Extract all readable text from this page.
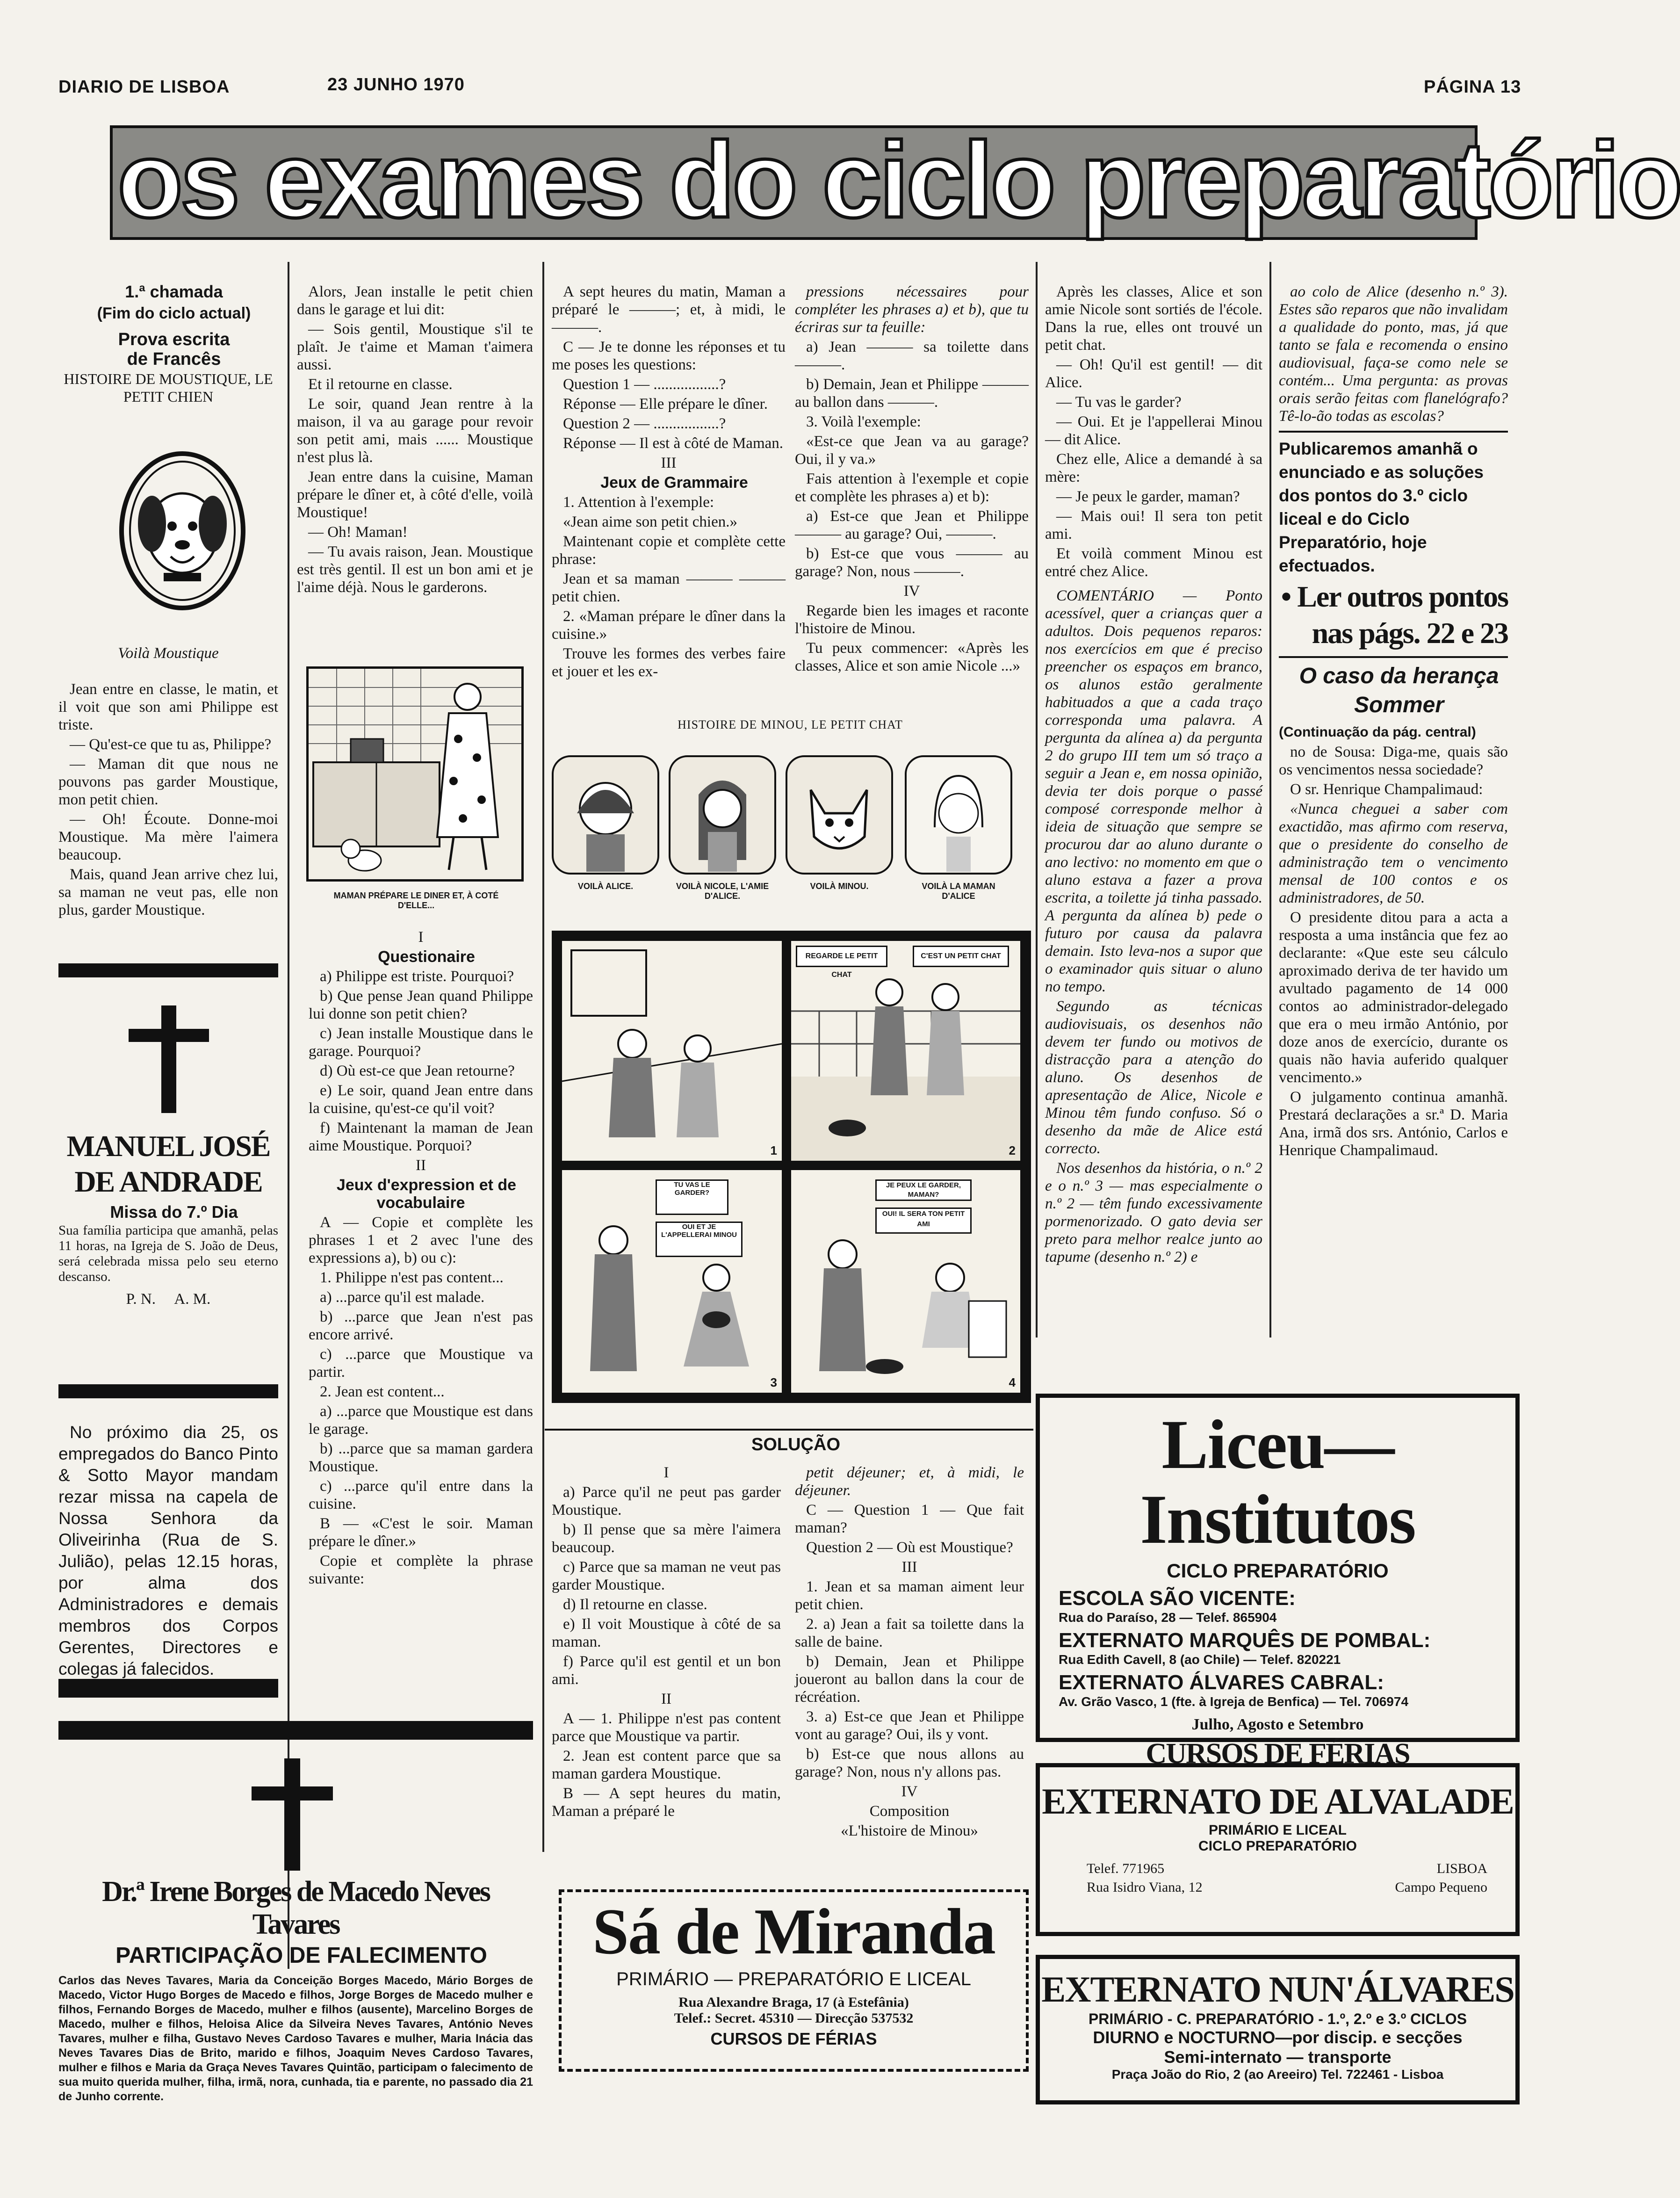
DIARIO DE LISBOA	23 JUNHO 1970	PÁGINA 13
os exames do ciclo preparatório

1.ª chamada

(Fim do ciclo actual)

Prova escrita

de Francês

HISTOIRE DE MOUSTIQUE, LE PETIT CHIEN

Voilà Moustique

Jean entre en classe, le matin, et il voit que son ami Philippe est triste.

— Qu'est-ce que tu as, Philippe?

— Maman dit que nous ne pouvons pas garder Moustique, mon petit chien.

— Oh! Écoute. Donne-moi Moustique. Ma mère l'aimera beaucoup.

Mais, quand Jean arrive chez lui, sa maman ne veut pas, elle non plus, garder Moustique.

MANUEL JOSÉ

DE ANDRADE

Missa do 7.º Dia

Sua família participa que amanhã, pelas 11 horas, na Igreja de S. João de Deus, será celebrada missa pelo seu eterno descanso.

P. N.     A. M.

No próximo dia 25, os empregados do Banco Pinto & Sotto Mayor mandam rezar missa na capela de Nossa Senhora da Oliveirinha (Rua de S. Julião), pelas 12.15 horas, por alma dos Administradores e demais membros dos Corpos Gerentes, Directores e colegas já falecidos.

Dr.ª Irene Borges de Macedo Neves Tavares

PARTICIPAÇÃO DE FALECIMENTO

Carlos das Neves Tavares, Maria da Conceição Borges Macedo, Mário Borges de Macedo, Victor Hugo Borges de Macedo e filhos, Jorge Borges de Macedo mulher e filhos, Fernando Borges de Macedo, mulher e filhos (ausente), Marcelino Borges de Macedo, mulher e filhos, Heloisa Alice da Silveira Neves Tavares, António Neves Tavares, mulher e filha, Gustavo Neves Cardoso Tavares e mulher, Maria Inácia das Neves Tavares Dias de Brito, marido e filhos, Joaquim Neves Cardoso Tavares, mulher e filhos e Maria da Graça Neves Tavares Quintão, participam o falecimento de sua muito querida mulher, filha, irmã, nora, cunhada, tia e parente, no passado dia 21 de Junho corrente.

Alors, Jean installe le petit chien dans le garage et lui dit:

— Sois gentil, Moustique s'il te plaît. Je t'aime et Maman t'aimera aussi.

Et il retourne en classe.

Le soir, quand Jean rentre à la maison, il va au garage pour revoir son petit ami, mais ...... Moustique n'est plus là.

Jean entre dans la cuisine, Maman prépare le dîner et, à côté d'elle, voilà Moustique!

— Oh! Maman!

— Tu avais raison, Jean. Moustique est très gentil. Il est un bon ami et je l'aime déjà. Nous le garderons.

MAMAN PRÉPARE LE DINER ET, À COTÉ D'ELLE...

I

Questionaire

a) Philippe est triste. Pourquoi?

b) Que pense Jean quand Philippe lui donne son petit chien?

c) Jean installe Moustique dans le garage. Pourquoi?

d) Où est-ce que Jean retourne?

e) Le soir, quand Jean entre dans la cuisine, qu'est-ce qu'il voit?

f) Maintenant la maman de Jean aime Moustique. Porquoi?

II

Jeux d'expression et de vocabulaire

A — Copie et complète les phrases 1 et 2 avec l'une des expressions a), b) ou c):

1. Philippe n'est pas content...

a) ...parce qu'il est malade.

b) ...parce que Jean n'est pas encore arrivé.

c) ...parce que Moustique va partir.

2. Jean est content...

a) ...parce que Moustique est dans le garage.

b) ...parce que sa maman gardera Moustique.

c) ...parce qu'il entre dans la cuisine.

B — «C'est le soir. Maman prépare le dîner.»

Copie et complète la phrase suivante:

A sept heures du matin, Maman a préparé le ———; et, à midi, le ———.

C — Je te donne les réponses et tu me poses les questions:

Question 1 — .................?

Réponse — Elle prépare le dîner.

Question 2 — .................?

Réponse — Il est à côté de Maman.

III

Jeux de Grammaire

1. Attention à l'exemple:

«Jean aime son petit chien.»

Maintenant copie et complète cette phrase:

Jean et sa maman ——— ——— petit chien.

2. «Maman prépare le dîner dans la cuisine.»

Trouve les formes des verbes faire et jouer et les ex-

pressions nécessaires pour compléter les phrases a) et b), que tu écriras sur ta feuille:

a) Jean ——— sa toilette dans ———.

b) Demain, Jean et Philippe ——— au ballon dans ———.

3. Voilà l'exemple:

«Est-ce que Jean va au garage? Oui, il y va.»

Fais attention à l'exemple et copie et complète les phrases a) et b):

a) Est-ce que Jean et Philippe ——— au garage? Oui, ———.

b) Est-ce que vous ——— au garage? Non, nous ———.

IV

Regarde bien les images et raconte l'histoire de Minou.

Tu peux commencer: «Après les classes, Alice et son amie Nicole ...»

HISTOIRE DE MINOU, LE PETIT CHAT
VOILÀ ALICE.	VOILÀ NICOLE, L'AMIE D'ALICE.
VOILÀ MINOU.	VOILÀ LA MAMAN D'ALICE
1
REGARDE LE PETIT CHAT
C'EST UN PETIT CHAT
2
TU VAS LE GARDER?
OUI ET JE L'APPELLERAI MINOU
3
JE PEUX LE GARDER, MAMAN?
OUI! IL SERA TON PETIT AMI
4

SOLUÇÃO

I

a) Parce qu'il ne peut pas garder Moustique.

b) Il pense que sa mère l'aimera beaucoup.

c) Parce que sa maman ne veut pas garder Moustique.

d) Il retourne en classe.

e) Il voit Moustique à côté de sa maman.

f) Parce qu'il est gentil et un bon ami.

II

A — 1. Philippe n'est pas content parce que Moustique va partir.

2. Jean est content parce que sa maman gardera Moustique.

B — A sept heures du matin, Maman a préparé le

petit déjeuner; et, à midi, le déjeuner.

C — Question 1 — Que fait maman?

Question 2 — Où est Moustique?

III

1. Jean et sa maman aiment leur petit chien.

2. a) Jean a fait sa toilette dans la salle de baine.

b) Demain, Jean et Philippe joueront au ballon dans la cour de récréation.

3. a) Est-ce que Jean et Philippe vont au garage? Oui, ils y vont.

b) Est-ce que nous allons au garage? Non, nous n'y allons pas.

IV

Composition

«L'histoire de Minou»

Sá de Miranda
PRIMÁRIO — PREPARATÓRIO E LICEAL
Rua Alexandre Braga, 17 (à Estefânia)
Telef.: Secret. 45310 — Direcção 537532
CURSOS DE FÉRIAS

Après les classes, Alice et son amie Nicole sont sortiés de l'école. Dans la rue, elles ont trouvé un petit chat.

— Oh! Qu'il est gentil! — dit Alice.

— Tu vas le garder?

— Oui. Et je l'appellerai Minou — dit Alice.

Chez elle, Alice a demandé à sa mère:

— Je peux le garder, maman?

— Mais oui! Il sera ton petit ami.

Et voilà comment Minou est entré chez Alice.

COMENTÁRIO — Ponto acessível, quer a crianças quer a adultos. Dois pequenos reparos: nos exercícios em que é preciso preencher os espaços em branco, os alunos estão geralmente habituados a que a cada traço corresponda uma palavra. A pergunta da alínea a) da pergunta 2 do grupo III tem um só traço a seguir a Jean e, em nossa opinião, devia ter dois porque o passé composé corresponde melhor à ideia de situação que sempre se procurou dar ao aluno durante o ano lectivo: no momento em que o aluno estava a fazer a prova escrita, a toilette já tinha passado. A pergunta da alínea b) pede o futuro por causa da palavra demain. Isto leva-nos a supor que o examinador quis situar o aluno no tempo.

Segundo as técnicas audiovisuais, os desenhos não devem ter fundo ou motivos de distracção para a atenção do aluno. Os desenhos de apresentação de Alice, Nicole e Minou têm fundo confuso. Só o desenho da mãe de Alice está correcto.

Nos desenhos da história, o n.º 2 e o n.º 3 — mas especialmente o n.º 2 — têm fundo excessivamente pormenorizado. O gato devia ser preto para melhor realce junto ao tapume (desenho n.º 2) e

ao colo de Alice (desenho n.º 3). Estes são reparos que não invalidam a qualidade do ponto, mas, já que tanto se fala e recomenda o ensino audiovisual, faça-se como nele se contém... Uma pergunta: as provas orais serão feitas com flanelógrafo? Tê-lo-ão todas as escolas?

Publicaremos amanhã o enunciado e as soluções dos pontos do 3.º ciclo liceal e do Ciclo Preparatório, hoje efectuados.

• Ler outros pontos

nas págs. 22 e 23

O caso da herança

Sommer

(Continuação da pág. central)

no de Sousa: Diga-me, quais são os vencimentos nessa sociedade?

O sr. Henrique Champalimaud:

«Nunca cheguei a saber com exactidão, mas afirmo com reserva, que o presidente do conselho de administração tem o vencimento mensal de 100 contos e os administradores, de 50.

O presidente ditou para a acta a resposta a uma instância que fez ao declarante: «Que este seu cálculo aproximado deriva de ter havido um avultado pagamento de 14 000 contos ao administrador-delegado que era o meu irmão António, por doze anos de exercício, durante os quais não havia auferido qualquer vencimento.»

O julgamento continua amanhã. Prestará declarações a sr.ª D. Maria Ana, irmã dos srs. António, Carlos e Henrique Champalimaud.

Liceu—Institutos
CICLO PREPARATÓRIO
ESCOLA SÃO VICENTE:
Rua do Paraíso, 28 — Telef. 865904
EXTERNATO MARQUÊS DE POMBAL:
Rua Edith Cavell, 8 (ao Chile) — Telef. 820221
EXTERNATO ÁLVARES CABRAL:
Av. Grão Vasco, 1 (fte. à Igreja de Benfica) — Tel. 706974
Julho, Agosto e Setembro
CURSOS DE FÉRIAS
EXTERNATO DE ALVALADE
PRIMÁRIO E LICEAL
CICLO PREPARATÓRIO
Telef. 771965	LISBOA
Rua Isidro Viana, 12	Campo Pequeno
EXTERNATO NUN'ÁLVARES
PRIMÁRIO - C. PREPARATÓRIO - 1.º, 2.º e 3.º CICLOS
DIURNO e NOCTURNO—por discip. e secções
Semi-internato — transporte
Praça João do Rio, 2 (ao Areeiro) Tel. 722461 - Lisboa
